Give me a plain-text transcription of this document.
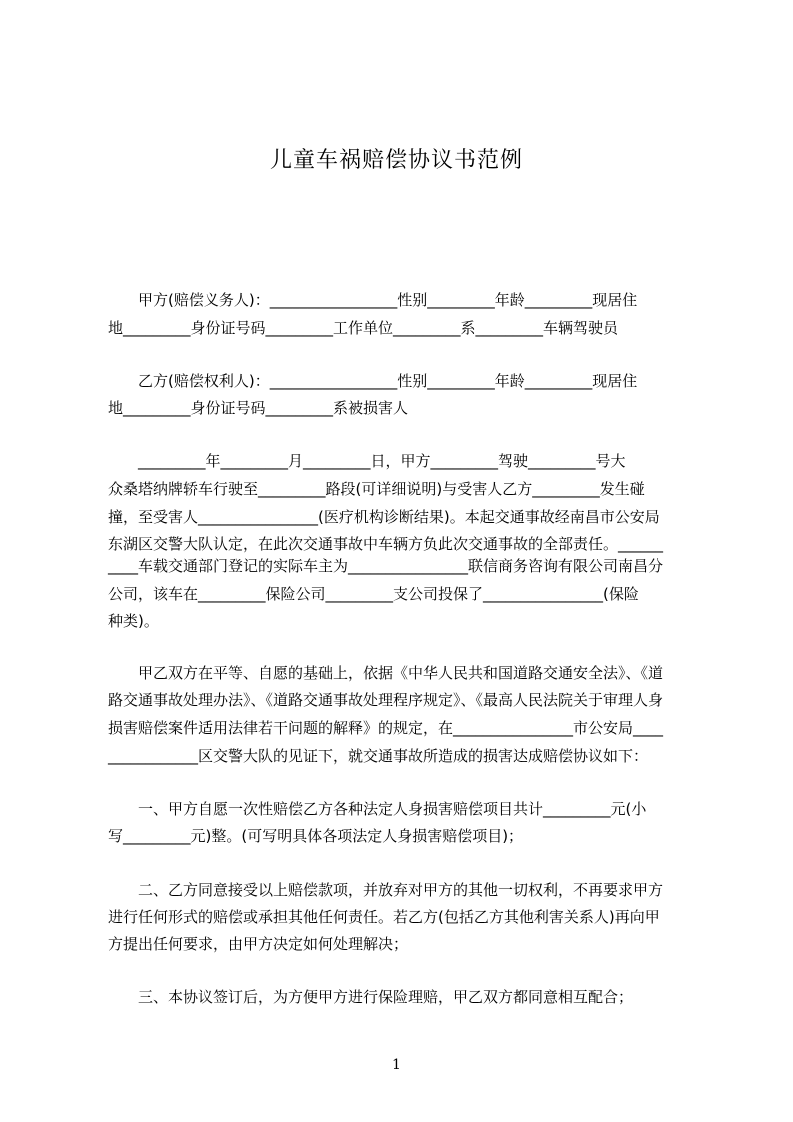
儿童车祸赔偿协议书范例
　　甲方(赔偿义务人)：_________________性别_________年龄_________现居住
地_________身份证号码_________工作单位_________系_________车辆驾驶员
　　乙方(赔偿权利人)：_________________性别_________年龄_________现居住
地_________身份证号码_________系被损害人
　　_________年_________月_________日，甲方_________驾驶_________号大
众桑塔纳牌轿车行驶至_________路段(可详细说明)与受害人乙方_________发生碰
撞，至受害人________________(医疗机构诊断结果)。本起交通事故经南昌市公安局
东湖区交警大队认定，在此次交通事故中车辆方负此次交通事故的全部责任。______
____车载交通部门登记的实际车主为________________联信商务咨询有限公司南昌分
公司，该车在_________保险公司_________支公司投保了________________(保险
种类)。
　　甲乙双方在平等、自愿的基础上，依据《中华人民共和国道路交通安全法》、《道
路交通事故处理办法》、《道路交通事故处理程序规定》、《最高人民法院关于审理人身
损害赔偿案件适用法律若干问题的解释》的规定，在________________市公安局____
____________区交警大队的见证下，就交通事故所造成的损害达成赔偿协议如下：
　　一、甲方自愿一次性赔偿乙方各种法定人身损害赔偿项目共计_________元(小
写_________元)整。(可写明具体各项法定人身损害赔偿项目)；
　　二、乙方同意接受以上赔偿款项，并放弃对甲方的其他一切权利，不再要求甲方
进行任何形式的赔偿或承担其他任何责任。若乙方(包括乙方其他利害关系人)再向甲
方提出任何要求，由甲方决定如何处理解决；
　　三、本协议签订后，为方便甲方进行保险理赔，甲乙双方都同意相互配合；
1
